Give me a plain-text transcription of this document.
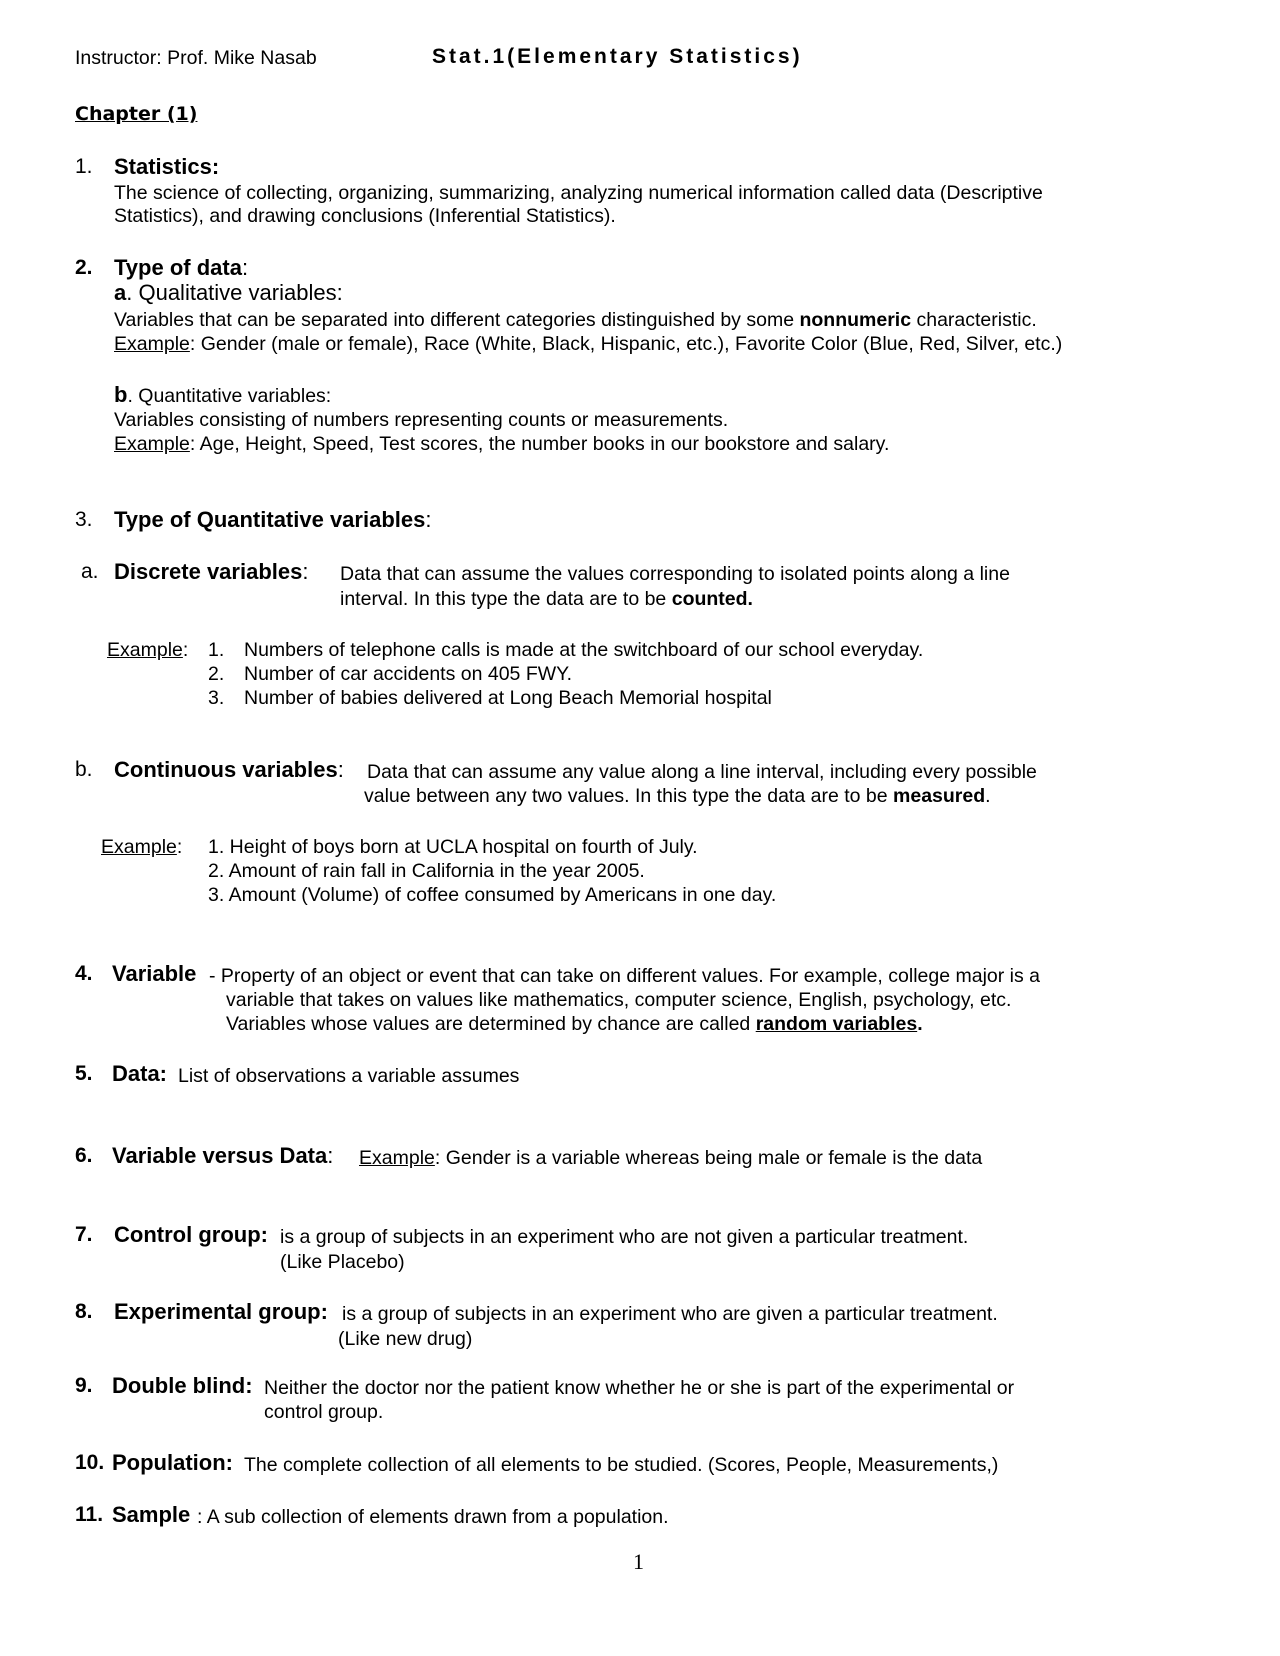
Instructor: Prof. Mike Nasab	Stat.1(Elementary Statistics)
Chapter (1)
1. Statistics:
The science of collecting, organizing, summarizing, analyzing numerical information called data (Descriptive
Statistics), and drawing conclusions (Inferential Statistics).
2. Type of data:
a. Qualitative variables:
Variables that can be separated into different categories distinguished by some nonnumeric characteristic.
Example: Gender (male or female), Race (White, Black, Hispanic, etc.), Favorite Color (Blue, Red, Silver, etc.)
b. Quantitative variables:
Variables consisting of numbers representing counts or measurements.
Example: Age, Height, Speed, Test scores, the number books in our bookstore and salary.
3. Type of Quantitative variables:
a. Discrete variables: Data that can assume the values corresponding to isolated points along a line
interval. In this type the data are to be counted.
Example: 1. Numbers of telephone calls is made at the switchboard of our school everyday.
2. Number of car accidents on 405 FWY.
3. Number of babies delivered at Long Beach Memorial hospital
b. Continuous variables: Data that can assume any value along a line interval, including every possible
value between any two values. In this type the data are to be measured.
Example: 1. Height of boys born at UCLA hospital on fourth of July.
2. Amount of rain fall in California in the year 2005.
3. Amount (Volume) of coffee consumed by Americans in one day.
4. Variable - Property of an object or event that can take on different values. For example, college major is a
variable that takes on values like mathematics, computer science, English, psychology, etc.
Variables whose values are determined by chance are called random variables.
5. Data: List of observations a variable assumes
6. Variable versus Data: Example: Gender is a variable whereas being male or female is the data
7. Control group: is a group of subjects in an experiment who are not given a particular treatment.
(Like Placebo)
8. Experimental group: is a group of subjects in an experiment who are given a particular treatment.
(Like new drug)
9. Double blind: Neither the doctor nor the patient know whether he or she is part of the experimental or
control group.
10. Population: The complete collection of all elements to be studied. (Scores, People, Measurements,)
11. Sample : A sub collection of elements drawn from a population.
1
